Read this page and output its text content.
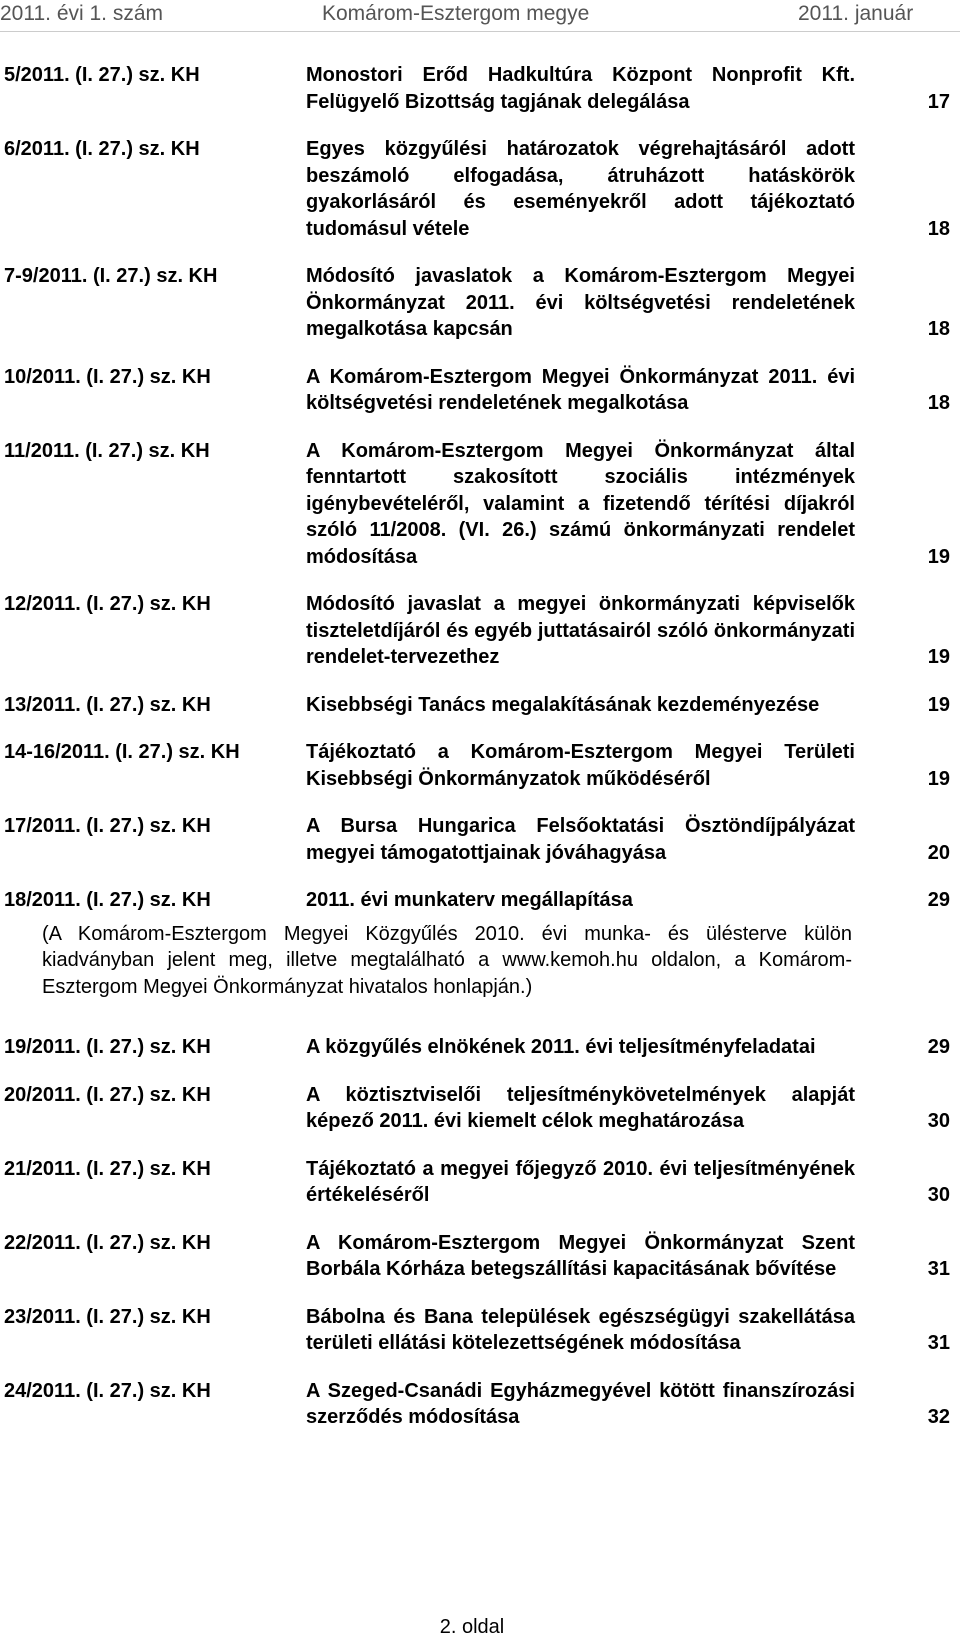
2011. évi 1. szám	Komárom-Esztergom megye	2011. január
5/2011. (I. 27.) sz. KH	Monostori Erőd Hadkultúra Központ Nonprofit Kft. Felügyelő Bizottság tagjának delegálása	17
6/2011. (I. 27.) sz. KH	Egyes közgyűlési határozatok végrehajtásáról adott beszámoló elfogadása, átruházott hatáskörök gyakorlásáról és eseményekről adott tájékoztató tudomásul vétele	18
7-9/2011. (I. 27.) sz. KH	Módosító javaslatok a Komárom-Esztergom Megyei Önkormányzat 2011. évi költségvetési rendeletének megalkotása kapcsán	18
10/2011. (I. 27.) sz. KH	A Komárom-Esztergom Megyei Önkormányzat 2011. évi költségvetési rendeletének megalkotása	18
11/2011. (I. 27.) sz. KH	A Komárom-Esztergom Megyei Önkormányzat által fenntartott szakosított szociális intézmények igénybevételéről, valamint a fizetendő térítési díjakról szóló 11/2008. (VI. 26.) számú önkormányzati rendelet módosítása	19
12/2011. (I. 27.) sz. KH	Módosító javaslat a megyei önkormányzati képviselők tiszteletdíjáról és egyéb juttatásairól szóló önkormányzati rendelet-tervezethez	19
13/2011. (I. 27.) sz. KH	Kisebbségi Tanács megalakításának kezdeményezése	19
14-16/2011. (I. 27.) sz. KH	Tájékoztató a Komárom-Esztergom Megyei Területi Kisebbségi Önkormányzatok működéséről	19
17/2011. (I. 27.) sz. KH	A Bursa Hungarica Felsőoktatási Ösztöndíjpályázat megyei támogatottjainak jóváhagyása	20
18/2011. (I. 27.) sz. KH	2011. évi munkaterv megállapítása	29
(A Komárom-Esztergom Megyei Közgyűlés 2010. évi munka- és ülésterve külön kiadványban jelent meg, illetve megtalálható a www.kemoh.hu oldalon, a Komárom-Esztergom Megyei Önkormányzat hivatalos honlapján.)
19/2011. (I. 27.) sz. KH	A közgyűlés elnökének 2011. évi teljesítményfeladatai	29
20/2011. (I. 27.) sz. KH	A köztisztviselői teljesítménykövetelmények alapját képező 2011. évi kiemelt célok meghatározása	30
21/2011. (I. 27.) sz. KH	Tájékoztató a megyei főjegyző 2010. évi teljesítményének értékeléséről	30
22/2011. (I. 27.) sz. KH	A Komárom-Esztergom Megyei Önkormányzat Szent Borbála Kórháza betegszállítási kapacitásának bővítése	31
23/2011. (I. 27.) sz. KH	Bábolna és Bana települések egészségügyi szakellátása területi ellátási kötelezettségének módosítása	31
24/2011. (I. 27.) sz. KH	A Szeged-Csanádi Egyházmegyével kötött finanszírozási szerződés módosítása	32
2. oldal
